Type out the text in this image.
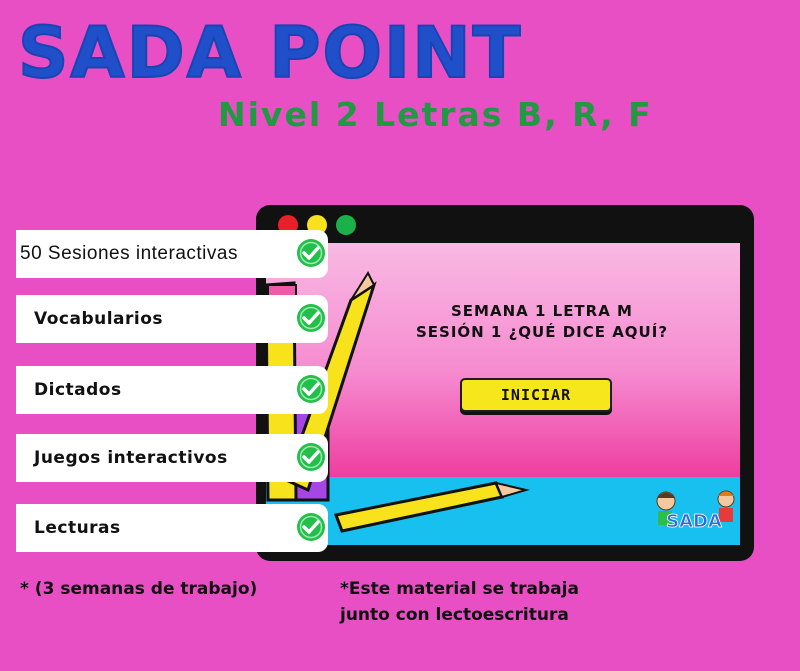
SADA POINT
Nivel 2 Letras B, R, F
SEMANA 1 LETRA M
SESIÓN 1 ¿QUÉ DICE AQUÍ?
INICIAR
SADA
50 Sesiones interactivas
Vocabularios
Dictados
Juegos interactivos
Lecturas
* (3 semanas de trabajo)	*Este material se trabaja
junto con lectoescritura
